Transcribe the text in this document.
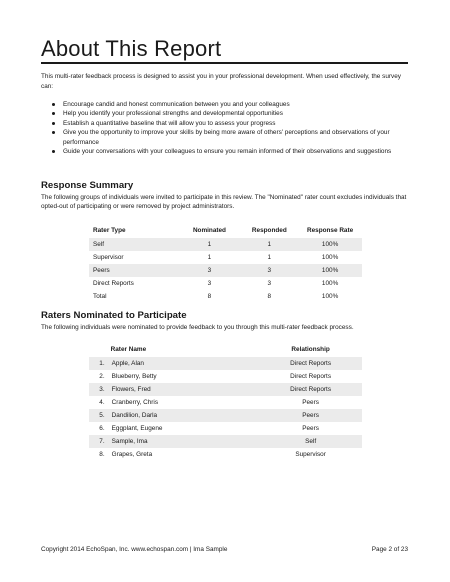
About This Report

This multi-rater feedback process is designed to assist you in your professional development. When used effectively, the survey can:

Encourage candid and honest communication between you and your colleagues
Help you identify your professional strengths and developmental opportunities
Establish a quantitative baseline that will allow you to assess your progress
Give you the opportunity to improve your skills by being more aware of others' perceptions and observations of your performance
Guide your conversations with your colleagues to ensure you remain informed of their observations and suggestions
Response Summary

The following groups of individuals were invited to participate in this review. The "Nominated" rater count excludes individuals that opted-out of participating or were removed by project administrators.

Rater Type	Nominated	Responded	Response Rate
Self	1	1	100%
Supervisor	1	1	100%
Peers	3	3	100%
Direct Reports	3	3	100%
Total	8	8	100%
Raters Nominated to Participate

The following individuals were nominated to provide feedback to you through this multi-rater feedback process.

	Rater Name	Relationship
1.	Apple, Alan	Direct Reports
2.	Blueberry, Betty	Direct Reports
3.	Flowers, Fred	Direct Reports
4.	Cranberry, Chris	Peers
5.	Dandilion, Darla	Peers
6.	Eggplant, Eugene	Peers
7.	Sample, Ima	Self
8.	Grapes, Greta	Supervisor

Copyright 2014 EchoSpan, Inc. www.echospan.com | Ima Sample	Page 2 of 23
